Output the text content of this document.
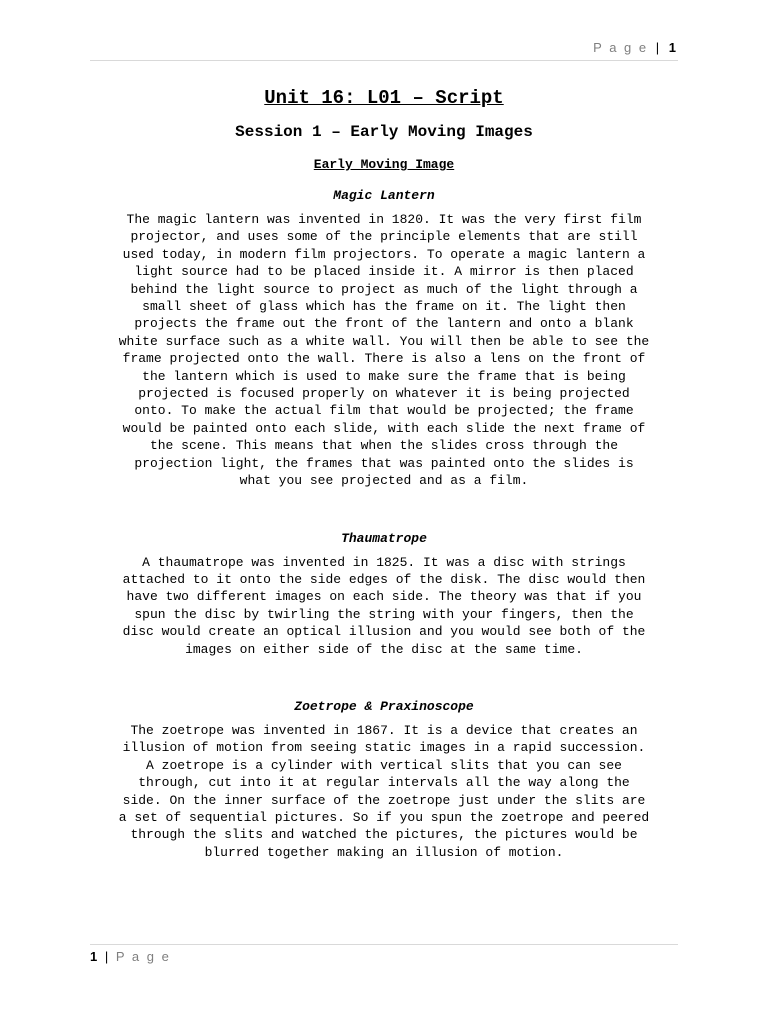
P a g e | 1

Unit 16: L01 – Script

Session 1 – Early Moving Images

Early Moving Image

Magic Lantern

The magic lantern was invented in 1820. It was the very first film
projector, and uses some of the principle elements that are still
used today, in modern film projectors. To operate a magic lantern a
light source had to be placed inside it. A mirror is then placed
behind the light source to project as much of the light through a
small sheet of glass which has the frame on it. The light then
projects the frame out the front of the lantern and onto a blank
white surface such as a white wall. You will then be able to see the
frame projected onto the wall. There is also a lens on the front of
the lantern which is used to make sure the frame that is being
projected is focused properly on whatever it is being projected
onto. To make the actual film that would be projected; the frame
would be painted onto each slide, with each slide the next frame of
the scene. This means that when the slides cross through the
projection light, the frames that was painted onto the slides is
what you see projected and as a film.

Thaumatrope

A thaumatrope was invented in 1825. It was a disc with strings
attached to it onto the side edges of the disk. The disc would then
have two different images on each side. The theory was that if you
spun the disc by twirling the string with your fingers, then the
disc would create an optical illusion and you would see both of the
images on either side of the disc at the same time.

Zoetrope & Praxinoscope

The zoetrope was invented in 1867. It is a device that creates an
illusion of motion from seeing static images in a rapid succession.
A zoetrope is a cylinder with vertical slits that you can see
through, cut into it at regular intervals all the way along the
side. On the inner surface of the zoetrope just under the slits are
a set of sequential pictures. So if you spun the zoetrope and peered
through the slits and watched the pictures, the pictures would be
blurred together making an illusion of motion.
1 | P a g e
